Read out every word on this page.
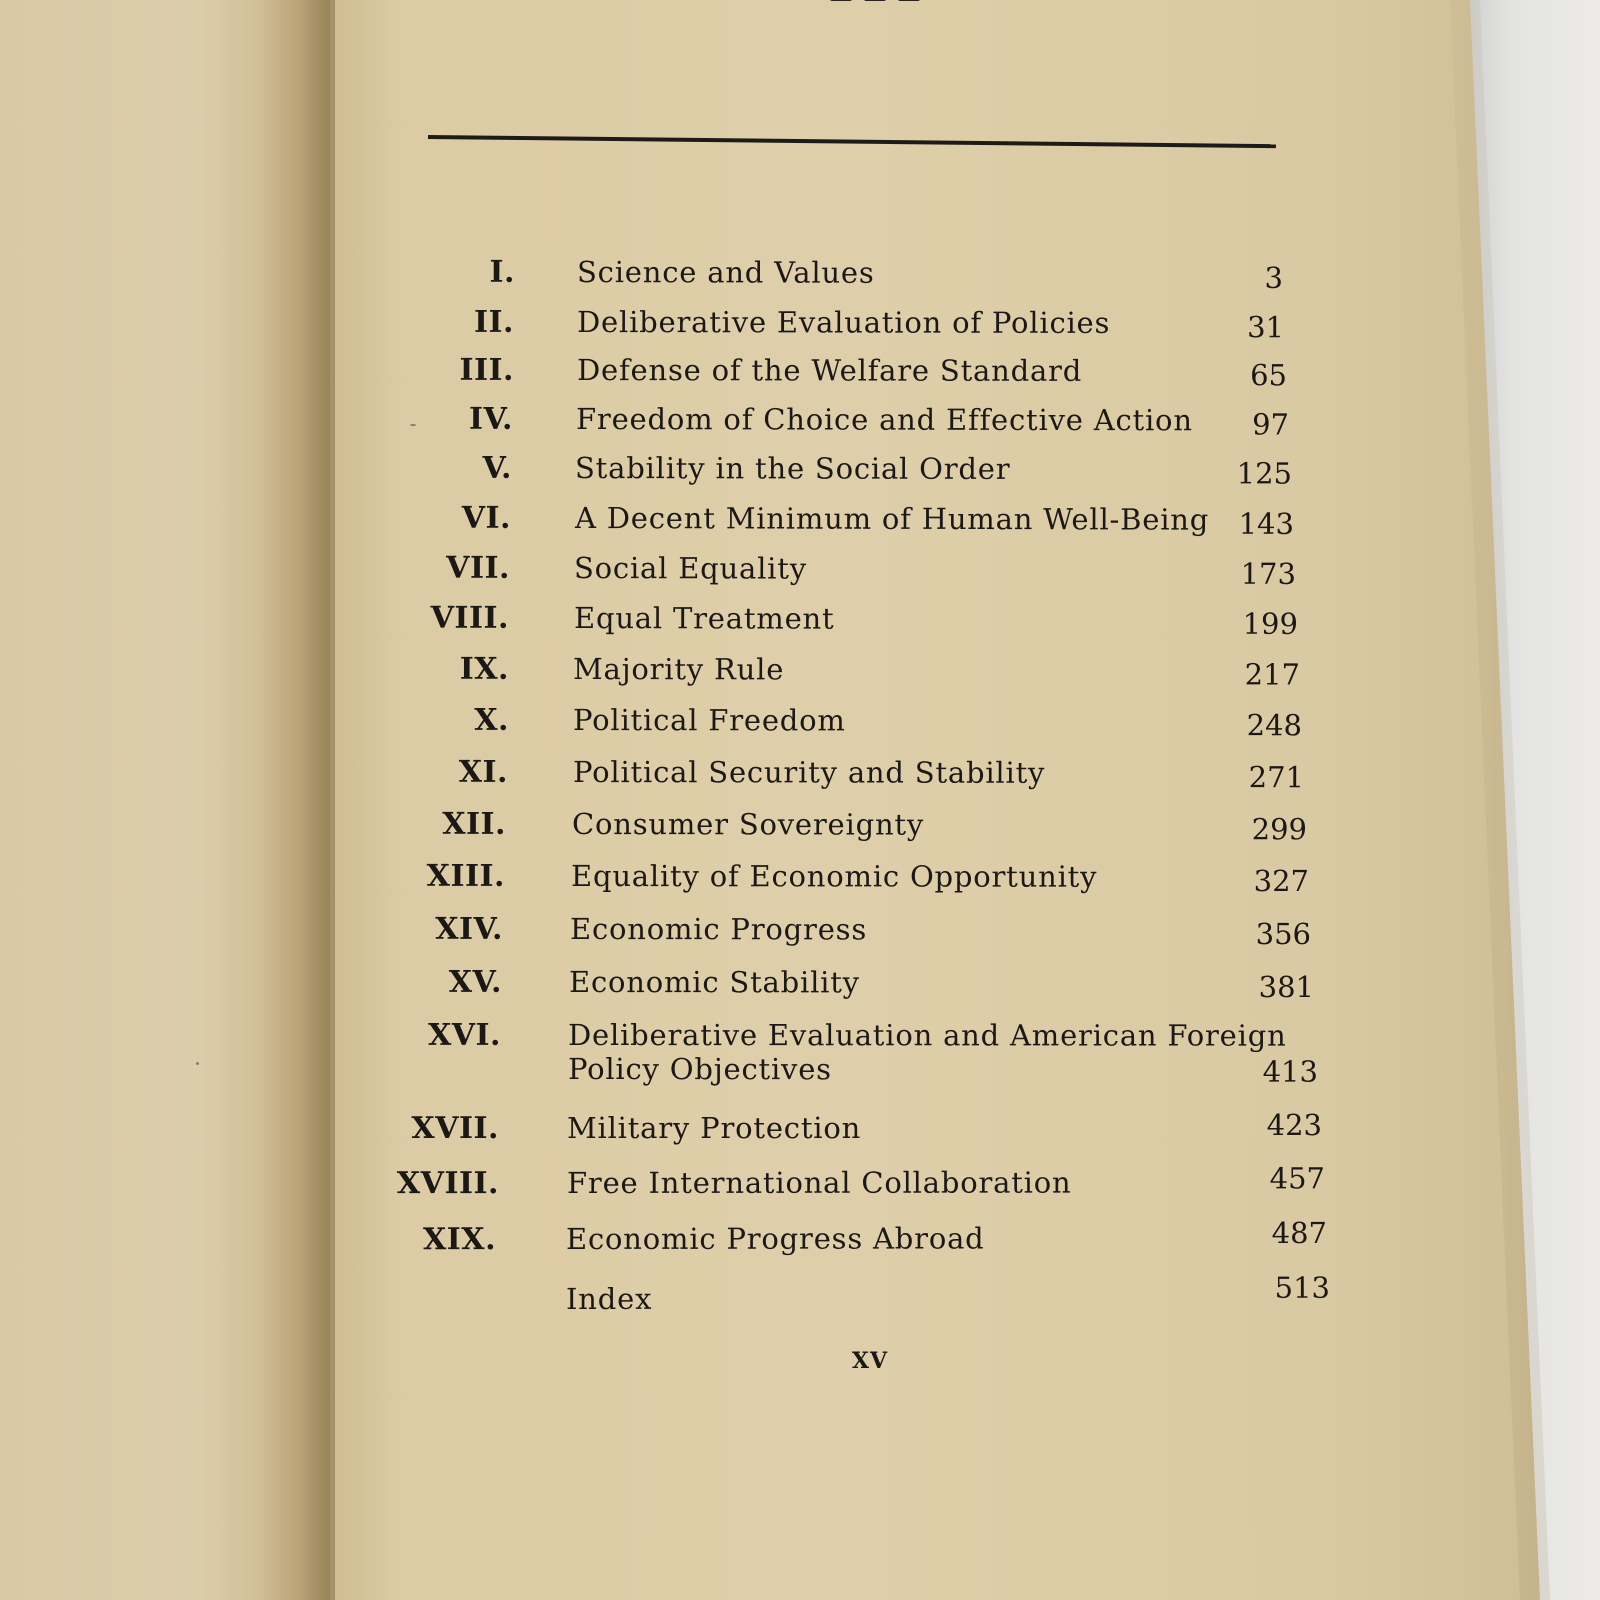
I. Science and Values	3
II. Deliberative Evaluation of Policies	31
III. Defense of the Welfare Standard	65
IV. Freedom of Choice and Effective Action	97
V. Stability in the Social Order	125
VI. A Decent Minimum of Human Well-Being	143
VII. Social Equality	173
VIII. Equal Treatment	199
IX. Majority Rule	217
X. Political Freedom	248
XI. Political Security and Stability	271
XII. Consumer Sovereignty	299
XIII. Equality of Economic Opportunity	327
XIV. Economic Progress	356
XV. Economic Stability	381
XVI. Deliberative Evaluation and American Foreign
Policy Objectives	413
XVII. Military Protection	423
XVIII. Free International Collaboration	457
XIX. Economic Progress Abroad	487
Index	513
XV
